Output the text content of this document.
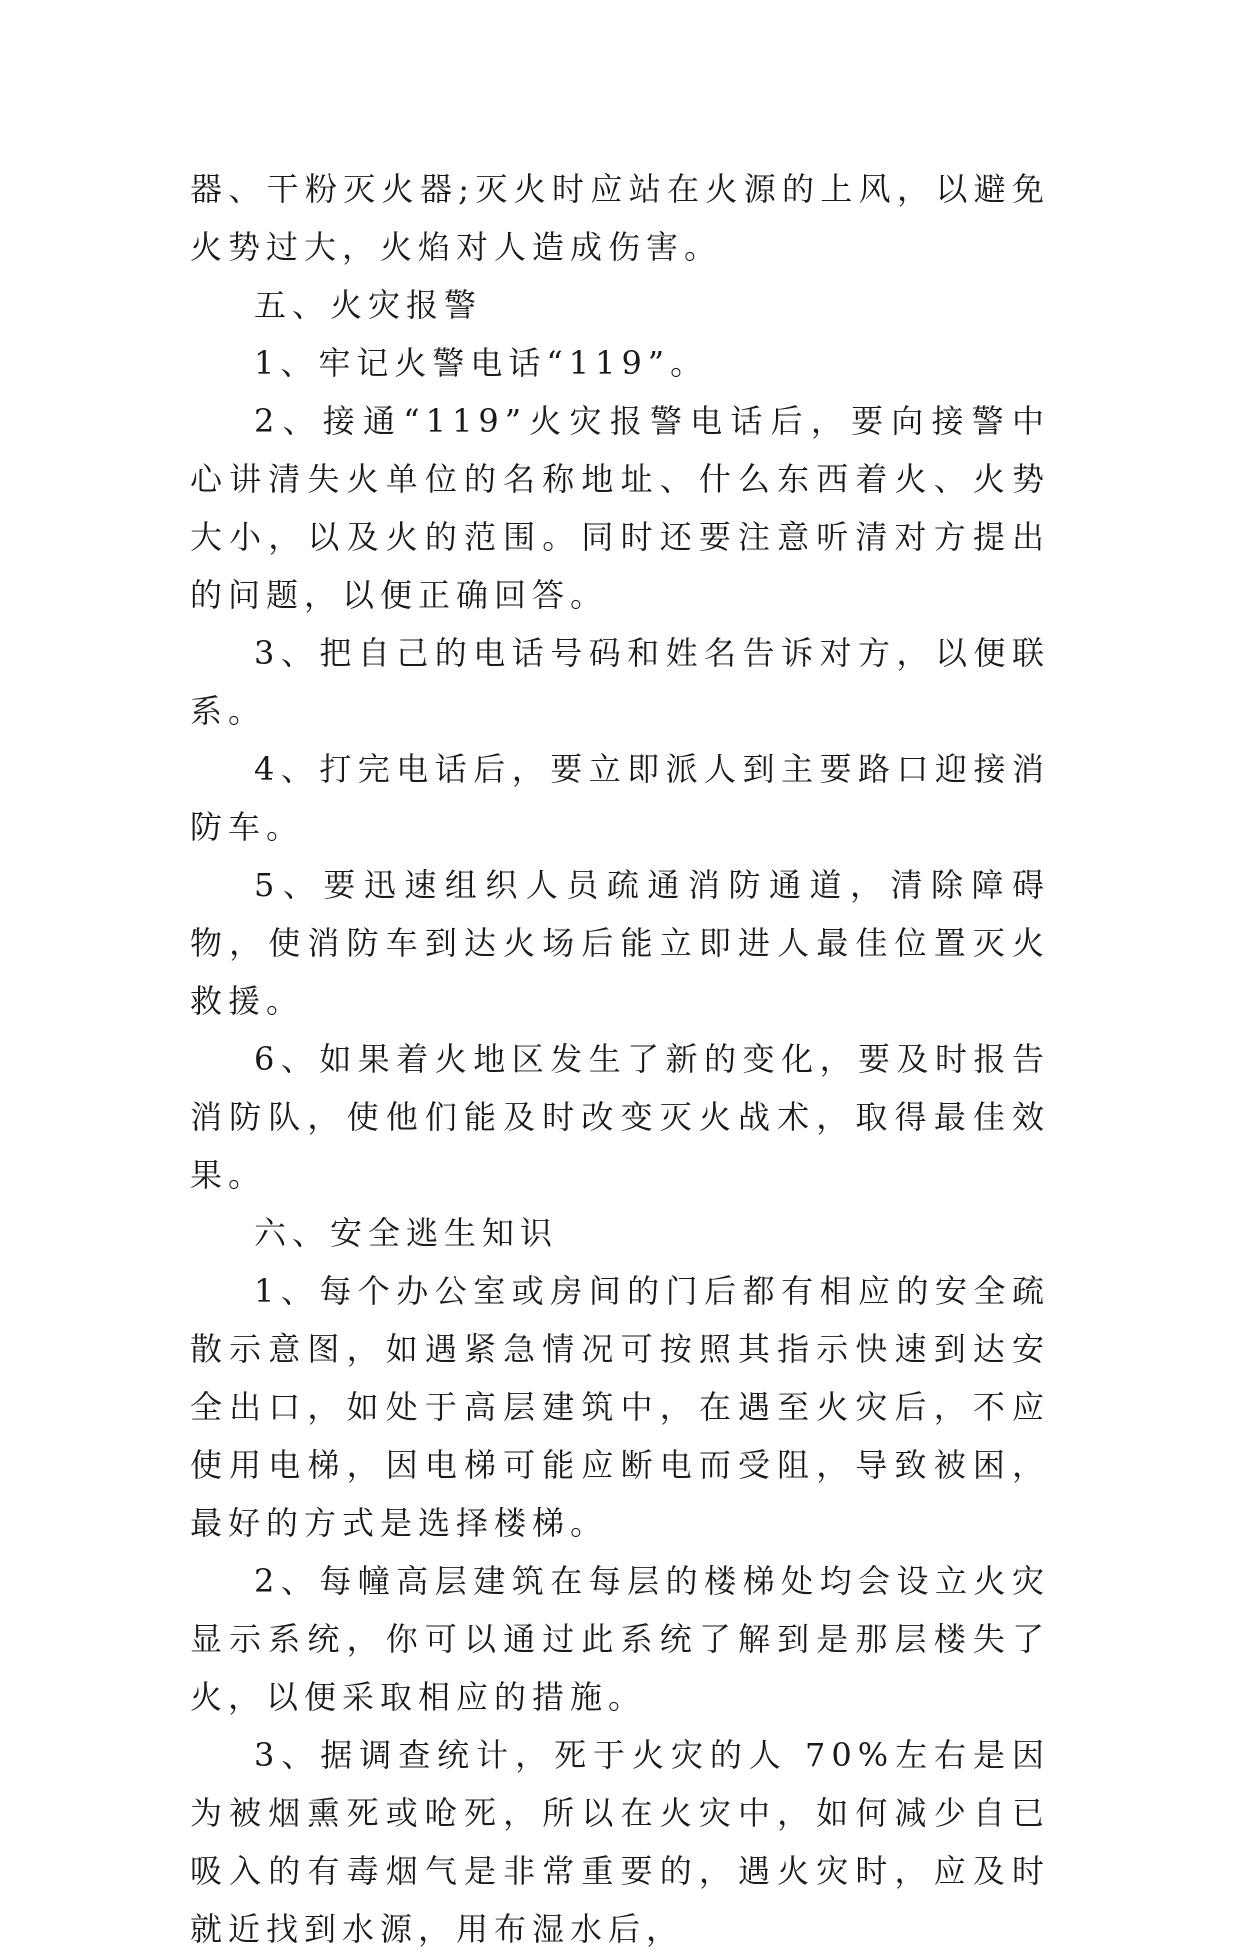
器、干粉灭火器;灭火时应站在火源的上风，以避免火势过大，火焰对人造成伤害。

五、火灾报警

1、牢记火警电话“119”。

2、接通“119”火灾报警电话后，要向接警中心讲清失火单位的名称地址、什么东西着火、火势大小，以及火的范围。同时还要注意听清对方提出的问题，以便正确回答。

3、把自己的电话号码和姓名告诉对方，以便联系。

4、打完电话后，要立即派人到主要路口迎接消防车。

5、要迅速组织人员疏通消防通道，清除障碍物，使消防车到达火场后能立即进人最佳位置灭火救援。

6、如果着火地区发生了新的变化，要及时报告消防队，使他们能及时改变灭火战术，取得最佳效果。

六、安全逃生知识

1、每个办公室或房间的门后都有相应的安全疏散示意图，如遇紧急情况可按照其指示快速到达安全出口，如处于高层建筑中，在遇至火灾后，不应使用电梯，因电梯可能应断电而受阻，导致被困，最好的方式是选择楼梯。

2、每幢高层建筑在每层的楼梯处均会设立火灾显示系统，你可以通过此系统了解到是那层楼失了火，以便采取相应的措施。

3、据调查统计，死于火灾的人 70%左右是因为被烟熏死或呛死，所以在火灾中，如何减少自已吸入的有毒烟气是非常重要的，遇火灾时，应及时就近找到水源，用布湿水后，
